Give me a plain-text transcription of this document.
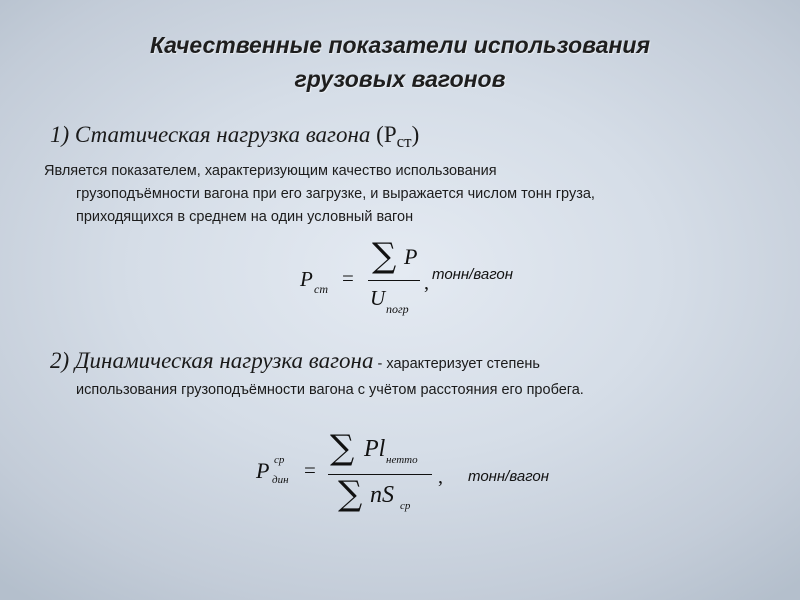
Качественные показатели использования
грузовых вагонов
1) Статическая нагрузка вагона $(Р_{ст})$
Является показателем, характеризующим качество использования
грузоподъёмности вагона при его загрузке, и выражается числом тонн груза,
приходящихся в среднем на один условный вагон
P cm =
∑ P
U погр
, тонн/вагон
2) Динамическая нагрузка вагона - характеризует степень
использования грузоподъёмности вагона с учётом расстояния его пробега.
P ср
дин =
∑ Pl нетто
∑ nS ср
, тонн/вагон
